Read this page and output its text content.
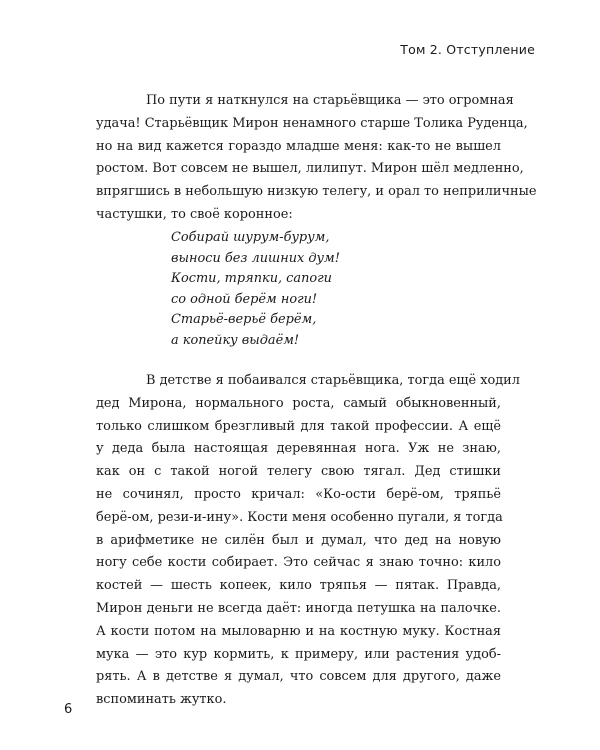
Том 2. Отступление
По пути я наткнулся на старьёвщика — это огромная
удача! Старьёвщик Мирон ненамного старше Толика Руденца,
но на вид кажется гораздо младше меня: как-то не вышел
ростом. Вот совсем не вышел, лилипут. Мирон шёл медленно,
впрягшись в небольшую низкую телегу, и орал то неприличные
частушки, то своё коронное:
Собирай шурум-бурум,
выноси без лишних дум!
Кости, тряпки, сапоги
со одной берём ноги!
Старьё-верьё берём,
а копейку выдаём!
В детстве я побаивался старьёвщика, тогда ещё ходил
дед Мирона, нормального роста, самый обыкновенный,
только слишком брезгливый для такой профессии. А ещё
у деда была настоящая деревянная нога. Уж не знаю,
как он с такой ногой телегу свою тягал. Дед стишки
не сочинял, просто кричал: «Ко-ости берё-ом, тряпьё
берё-ом, рези-и-ину». Кости меня особенно пугали, я тогда
в арифметике не силён был и думал, что дед на новую
ногу себе кости собирает. Это сейчас я знаю точно: кило
костей — шесть копеек, кило тряпья — пятак. Правда,
Мирон деньги не всегда даёт: иногда петушка на палочке.
А кости потом на мыловарню и на костную муку. Костная
мука — это кур кормить, к примеру, или растения удоб-
рять. А в детстве я думал, что совсем для другого, даже
вспоминать жутко.
6
